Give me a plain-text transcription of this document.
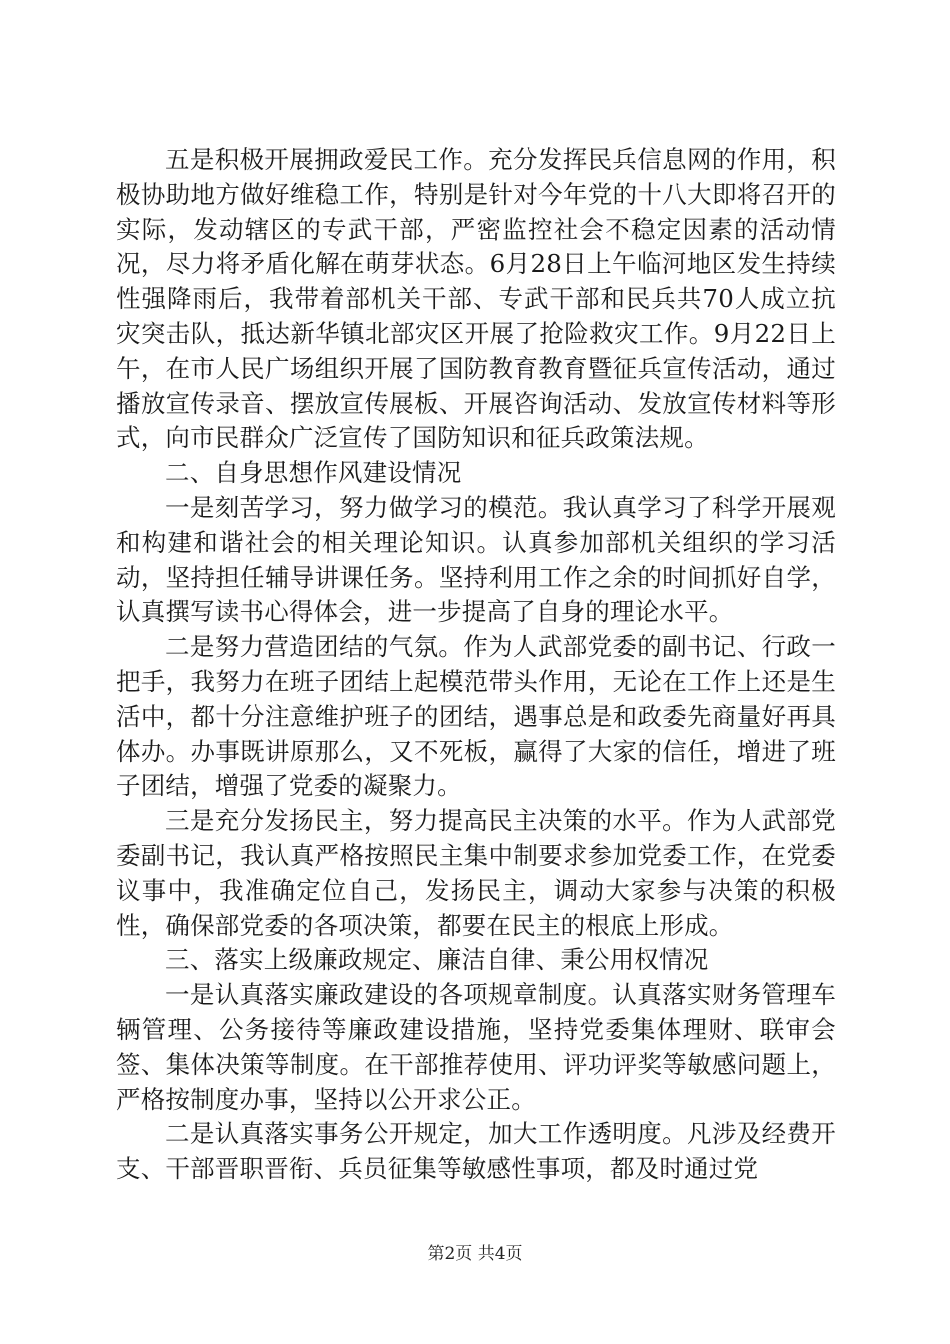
五是积极开展拥政爱民工作。充分发挥民兵信息网的作用，积极协助地方做好维稳工作，特别是针对今年党的十八大即将召开的实际，发动辖区的专武干部，严密监控社会不稳定因素的活动情况，尽力将矛盾化解在萌芽状态。6月28日上午临河地区发生持续性强降雨后，我带着部机关干部、专武干部和民兵共70人成立抗灾突击队，抵达新华镇北部灾区开展了抢险救灾工作。9月22日上午，在市人民广场组织开展了国防教育教育暨征兵宣传活动，通过播放宣传录音、摆放宣传展板、开展咨询活动、发放宣传材料等形式，向市民群众广泛宣传了国防知识和征兵政策法规。

二、自身思想作风建设情况

一是刻苦学习，努力做学习的模范。我认真学习了科学开展观和构建和谐社会的相关理论知识。认真参加部机关组织的学习活动，坚持担任辅导讲课任务。坚持利用工作之余的时间抓好自学，认真撰写读书心得体会，进一步提高了自身的理论水平。

二是努力营造团结的气氛。作为人武部党委的副书记、行政一把手，我努力在班子团结上起模范带头作用，无论在工作上还是生活中，都十分注意维护班子的团结，遇事总是和政委先商量好再具体办。办事既讲原那么，又不死板，赢得了大家的信任，增进了班子团结，增强了党委的凝聚力。

三是充分发扬民主，努力提高民主决策的水平。作为人武部党委副书记，我认真严格按照民主集中制要求参加党委工作，在党委议事中，我准确定位自己，发扬民主，调动大家参与决策的积极性，确保部党委的各项决策，都要在民主的根底上形成。

三、落实上级廉政规定、廉洁自律、秉公用权情况

一是认真落实廉政建设的各项规章制度。认真落实财务管理车辆管理、公务接待等廉政建设措施，坚持党委集体理财、联审会签、集体决策等制度。在干部推荐使用、评功评奖等敏感问题上，严格按制度办事，坚持以公开求公正。

二是认真落实事务公开规定，加大工作透明度。凡涉及经费开支、干部晋职晋衔、兵员征集等敏感性事项，都及时通过党

第2页 共4页
